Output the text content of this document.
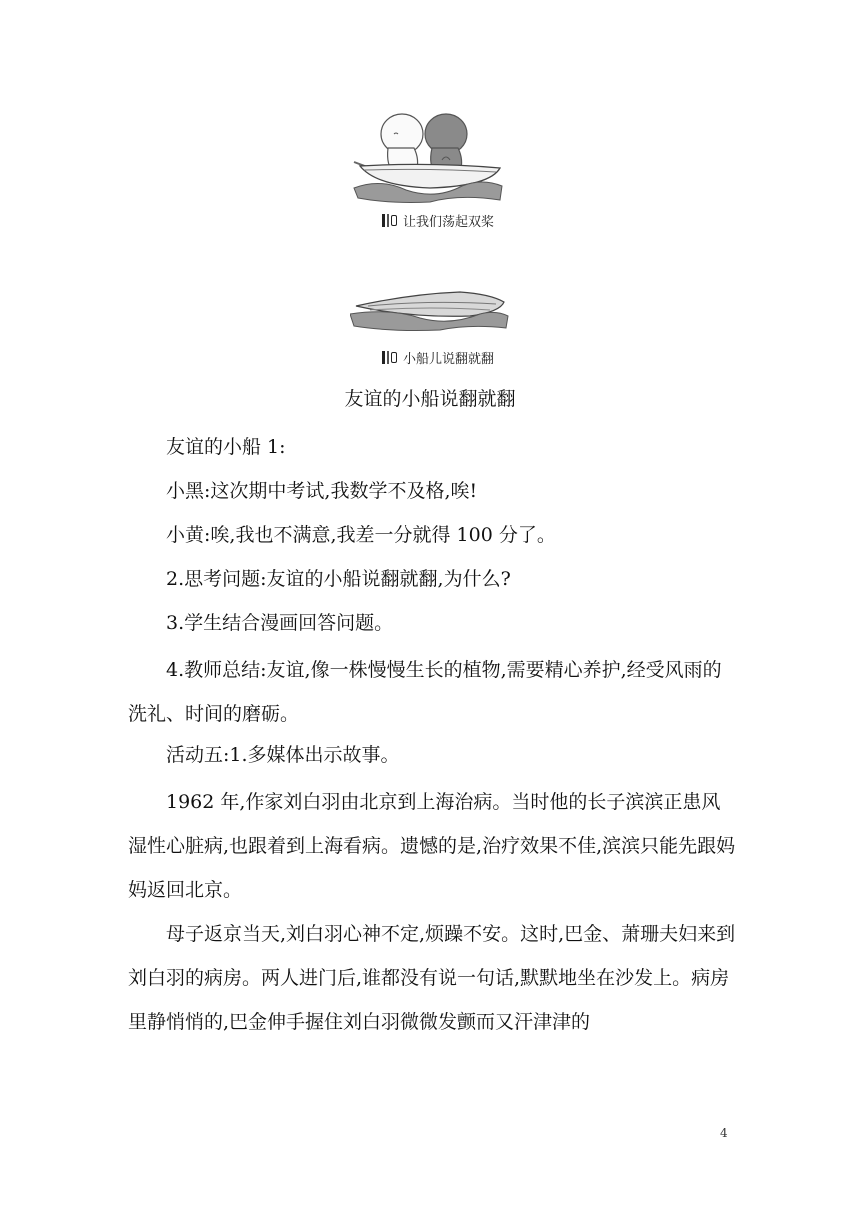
让我们荡起双桨
小船儿说翻就翻
友谊的小船说翻就翻

友谊的小船 1:

小黑:这次期中考试,我数学不及格,唉!

小黄:唉,我也不满意,我差一分就得 100 分了。

2.思考问题:友谊的小船说翻就翻,为什么?

3.学生结合漫画回答问题。

4.教师总结:友谊,像一株慢慢生长的植物,需要精心养护,经受风雨的洗礼、时间的磨砺。

活动五:1.多媒体出示故事。

1962 年,作家刘白羽由北京到上海治病。当时他的长子滨滨正患风湿性心脏病,也跟着到上海看病。遗憾的是,治疗效果不佳,滨滨只能先跟妈妈返回北京。

母子返京当天,刘白羽心神不定,烦躁不安。这时,巴金、萧珊夫妇来到刘白羽的病房。两人进门后,谁都没有说一句话,默默地坐在沙发上。病房里静悄悄的,巴金伸手握住刘白羽微微发颤而又汗津津的

4
